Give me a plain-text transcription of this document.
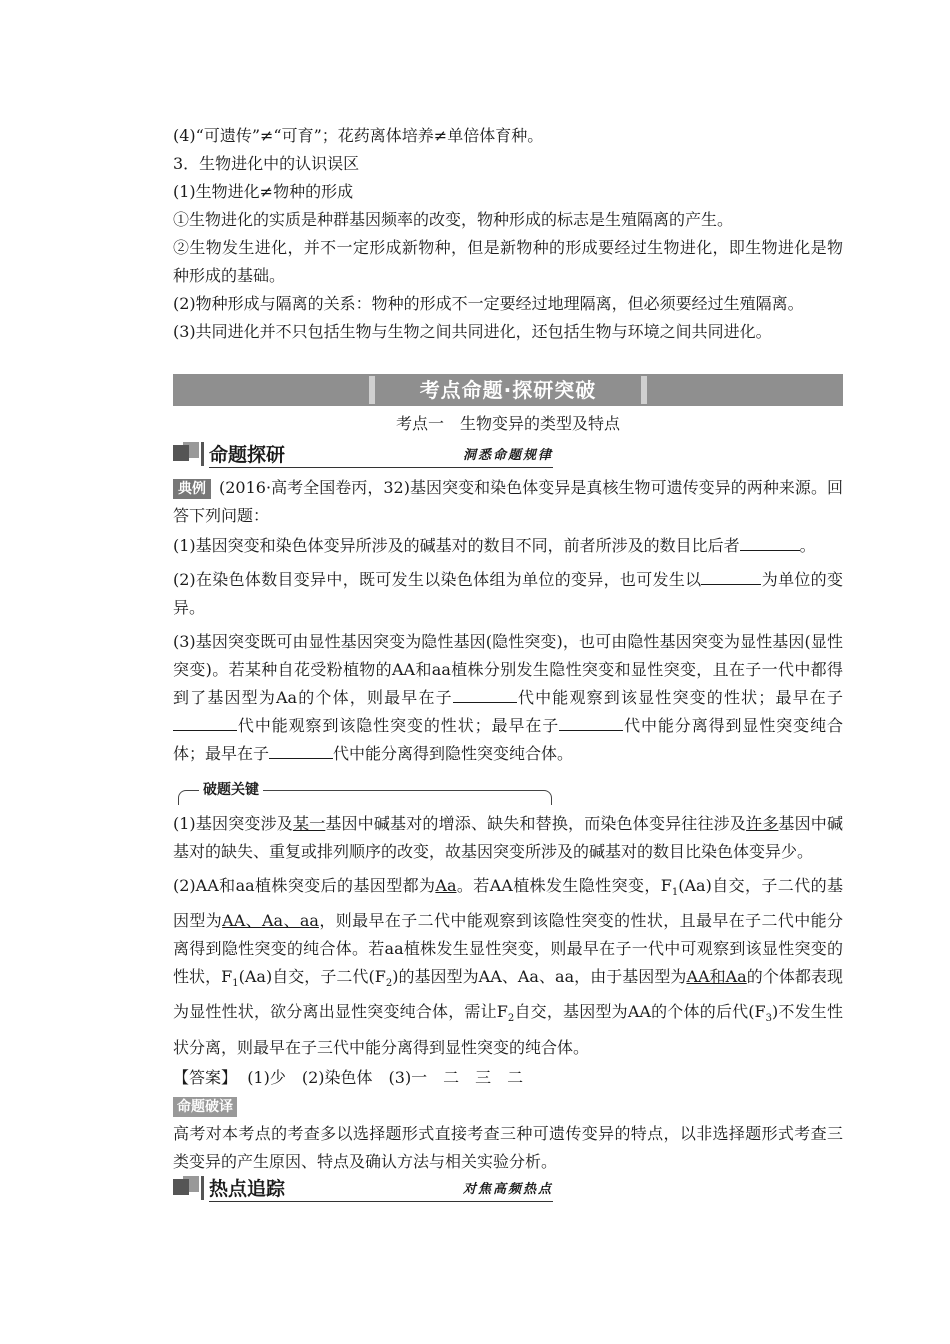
(4)“可遗传”≠“可育”；花药离体培养≠单倍体育种。

3．生物进化中的认识误区

(1)生物进化≠物种的形成

①生物进化的实质是种群基因频率的改变，物种形成的标志是生殖隔离的产生。

②生物发生进化，并不一定形成新物种，但是新物种的形成要经过生物进化，即生物进化是物种形成的基础。

(2)物种形成与隔离的关系：物种的形成不一定要经过地理隔离，但必须要经过生殖隔离。

(3)共同进化并不只包括生物与生物之间共同进化，还包括生物与环境之间共同进化。

考点命题·探研突破
考点一　生物变异的类型及特点
命题探研	洞悉命题规律

典例 (2016·高考全国卷丙，32)基因突变和染色体变异是真核生物可遗传变异的两种来源。回答下列问题：

(1)基因突变和染色体变异所涉及的碱基对的数目不同，前者所涉及的数目比后者	。

(2)在染色体数目变异中，既可发生以染色体组为单位的变异，也可发生以	为单位的变异。

(3)基因突变既可由显性基因突变为隐性基因(隐性突变)，也可由隐性基因突变为显性基因(显性突变)。若某种自花受粉植物的AA和aa植株分别发生隐性突变和显性突变，且在子一代中都得到了基因型为Aa的个体，则最早在子	代中能观察到该显性突变的性状；最早在子代中能观察到该隐性突变的性状；最早在子	代中能分离得到显性突变纯合体；最早在子	代中能分离得到隐性突变纯合体。

破题关键

(1)基因突变涉及某一基因中碱基对的增添、缺失和替换，而染色体变异往往涉及许多基因中碱基对的缺失、重复或排列顺序的改变，故基因突变所涉及的碱基对的数目比染色体变异少。

(2)AA和aa植株突变后的基因型都为Aa。若AA植株发生隐性突变，$F_1(Aa)$自交，子二代的基因型为AA、Aa、aa，则最早在子二代中能观察到该隐性突变的性状，且最早在子二代中能分离得到隐性突变的纯合体。若aa植株发生显性突变，则最早在子一代中可观察到该显性突变的性状，$F_1(Aa)$自交，子二代$(F_2)$的基因型为AA、Aa、aa，由于基因型为AA和Aa的个体都表现为显性性状，欲分离出显性突变纯合体，需让$F_2$自交，基因型为AA的个体的后代$(F_3)$不发生性状分离，则最早在子三代中能分离得到显性突变的纯合体。

【答案】 (1)少　(2)染色体　(3)一　二　三　二

命题破译

高考对本考点的考查多以选择题形式直接考查三种可遗传变异的特点，以非选择题形式考查三类变异的产生原因、特点及确认方法与相关实验分析。

热点追踪	对焦高频热点
